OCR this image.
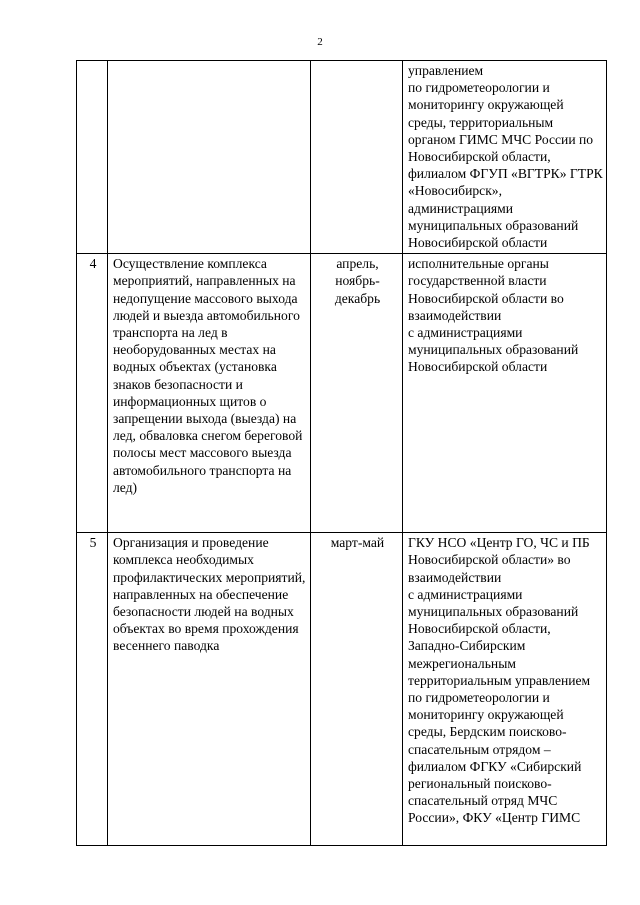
2
			управлением
по гидрометеорологии и мониторингу окружающей среды, территориальным органом ГИМС МЧС России по Новосибирской области, филиалом ФГУП «ВГТРК» ГТРК «Новосибирск», администрациями муниципальных образований Новосибирской области
4	Осуществление комплекса мероприятий, направленных на недопущение массового выхода людей и выезда автомобильного транспорта на лед в необорудованных местах на водных объектах (установка знаков безопасности и информационных щитов о запрещении выхода (выезда) на лед, обваловка снегом береговой полосы мест массового выезда автомобильного транспорта на лед)	апрель, ноябрь-декабрь	исполнительные органы государственной власти Новосибирской области во взаимодействии
с администрациями муниципальных образований Новосибирской области
5	Организация и проведение комплекса необходимых профилактических мероприятий, направленных на обеспечение безопасности людей на водных объектах во время прохождения весеннего паводка	март-май	ГКУ НСО «Центр ГО, ЧС и ПБ Новосибирской области» во взаимодействии
с администрациями муниципальных образований Новосибирской области, Западно-Сибирским межрегиональным территориальным управлением
по гидрометеорологии и мониторингу окружающей среды, Бердским поисково-спасательным отрядом – филиалом ФГКУ «Сибирский региональный поисково-спасательный отряд МЧС России», ФКУ «Центр ГИМС
